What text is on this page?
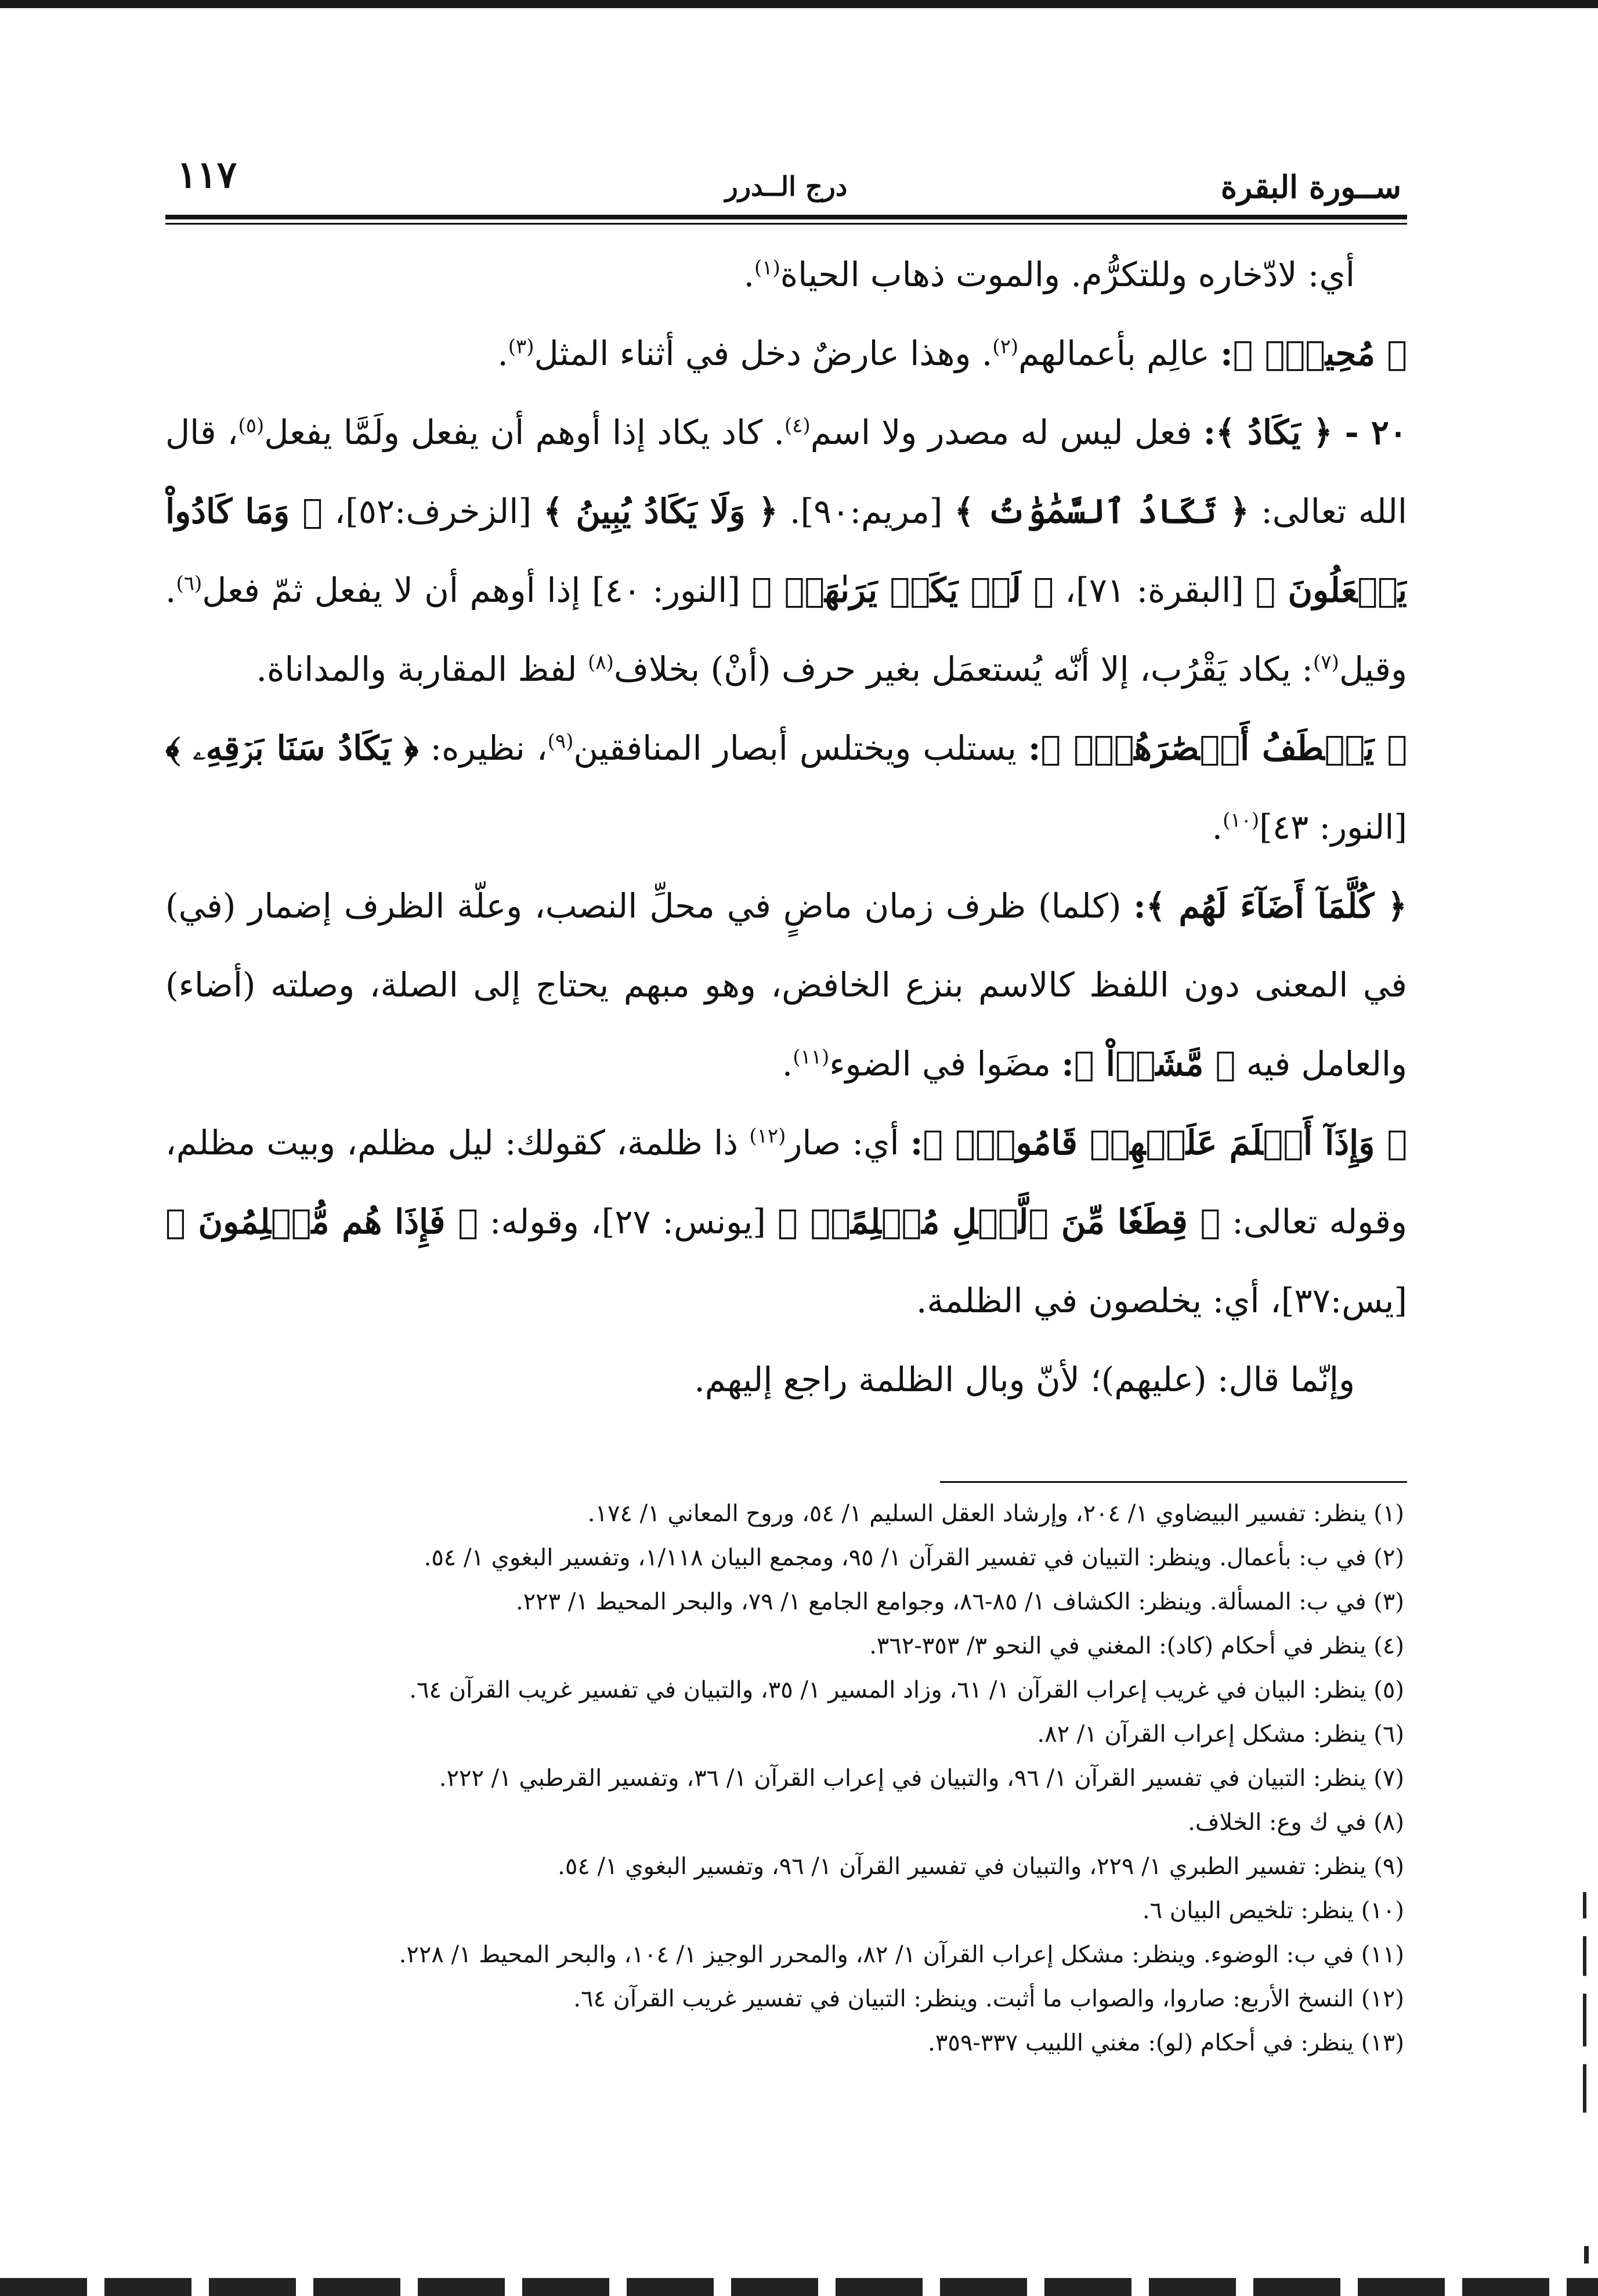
١١٧	درج الــدرر	ســورة البقرة

أي: لادّخاره وللتكرُّم. والموت ذهاب الحياة$^{(١)}$.

﴿ مُحِيطٌۢ ﴾: عالِم بأعمالهم$^{(٢)}$. وهذا عارضٌ دخل في أثناء المثل$^{(٣)}$.

٢٠ - ﴿ يَكَادُ ﴾: فعل ليس له مصدر ولا اسم$^{(٤)}$. كاد يكاد إذا أوهم أن يفعل ولَمَّا يفعل$^{(٥)}$، قال الله تعالى: ﴿ تَكَادُ ٱلسَّمَٰوَٰتُ ﴾ [مريم:٩٠]. ﴿ وَلَا يَكَادُ يُبِينُ ﴾ [الزخرف:٥٢]، ﴿ وَمَا كَادُواْ يَفۡعَلُونَ ﴾ [البقرة: ٧١]، ﴿ لَمۡ يَكَدۡ يَرَىٰهَاۗ ﴾ [النور: ٤٠] إذا أوهم أن لا يفعل ثمّ فعل$^{(٦)}$. وقيل$^{(٧)}$: يكاد يَقْرُب، إلا أنّه يُستعمَل بغير حرف (أنْ) بخلاف$^{(٨)}$ لفظ المقاربة والمداناة.

﴿ يَخۡطَفُ أَبۡصَٰرَهُمۡۖ ﴾: يستلب ويختلس أبصار المنافقين$^{(٩)}$، نظيره: ﴿ يَكَادُ سَنَا بَرۡقِهِۦ ﴾ [النور: ٤٣]$^{(١٠)}$.

﴿ كُلَّمَآ أَضَآءَ لَهُم ﴾: (كلما) ظرف زمان ماضٍ في محلِّ النصب، وعلّة الظرف إضمار (في) في المعنى دون اللفظ كالاسم بنزع الخافض، وهو مبهم يحتاج إلى الصلة، وصلته (أضاء) والعامل فيه ﴿ مَّشَوۡاْ ﴾: مضَوا في الضوء$^{(١١)}$.

﴿ وَإِذَآ أَظۡلَمَ عَلَيۡهِمۡ قَامُواْۚ ﴾: أي: صار$^{(١٢)}$ ذا ظلمة، كقولك: ليل مظلم، وبيت مظلم، وقوله تعالى: ﴿ قِطَعٗا مِّنَ ٱلَّيۡلِ مُظۡلِمًاۚ ﴾ [يونس: ٢٧]، وقوله: ﴿ فَإِذَا هُم مُّظۡلِمُونَ ﴾ [يس:٣٧]، أي: يخلصون في الظلمة.

وإنّما قال: (عليهم)؛ لأنّ وبال الظلمة راجع إليهم.

(١) ينظر: تفسير البيضاوي ١/ ٢٠٤، وإرشاد العقل السليم ١/ ٥٤، وروح المعاني ١/ ١٧٤.
(٢) في ب: بأعمال. وينظر: التبيان في تفسير القرآن ١/ ٩٥، ومجمع البيان ١/١١٨، وتفسير البغوي ١/ ٥٤.
(٣) في ب: المسألة. وينظر: الكشاف ١/ ٨٥-٨٦، وجوامع الجامع ١/ ٧٩، والبحر المحيط ١/ ٢٢٣.
(٤) ينظر في أحكام (كاد): المغني في النحو ٣/ ٣٥٣-٣٦٢.
(٥) ينظر: البيان في غريب إعراب القرآن ١/ ٦١، وزاد المسير ١/ ٣٥، والتبيان في تفسير غريب القرآن ٦٤.
(٦) ينظر: مشكل إعراب القرآن ١/ ٨٢.
(٧) ينظر: التبيان في تفسير القرآن ١/ ٩٦، والتبيان في إعراب القرآن ١/ ٣٦، وتفسير القرطبي ١/ ٢٢٢.
(٨) في ك وع: الخلاف.
(٩) ينظر: تفسير الطبري ١/ ٢٢٩، والتبيان في تفسير القرآن ١/ ٩٦، وتفسير البغوي ١/ ٥٤.
(١٠) ينظر: تلخيص البيان ٦.
(١١) في ب: الوضوء. وينظر: مشكل إعراب القرآن ١/ ٨٢، والمحرر الوجيز ١/ ١٠٤، والبحر المحيط ١/ ٢٢٨.
(١٢) النسخ الأربع: صاروا، والصواب ما أثبت. وينظر: التبيان في تفسير غريب القرآن ٦٤.
(١٣) ينظر: في أحكام (لو): مغني اللبيب ٣٣٧-٣٥٩.
